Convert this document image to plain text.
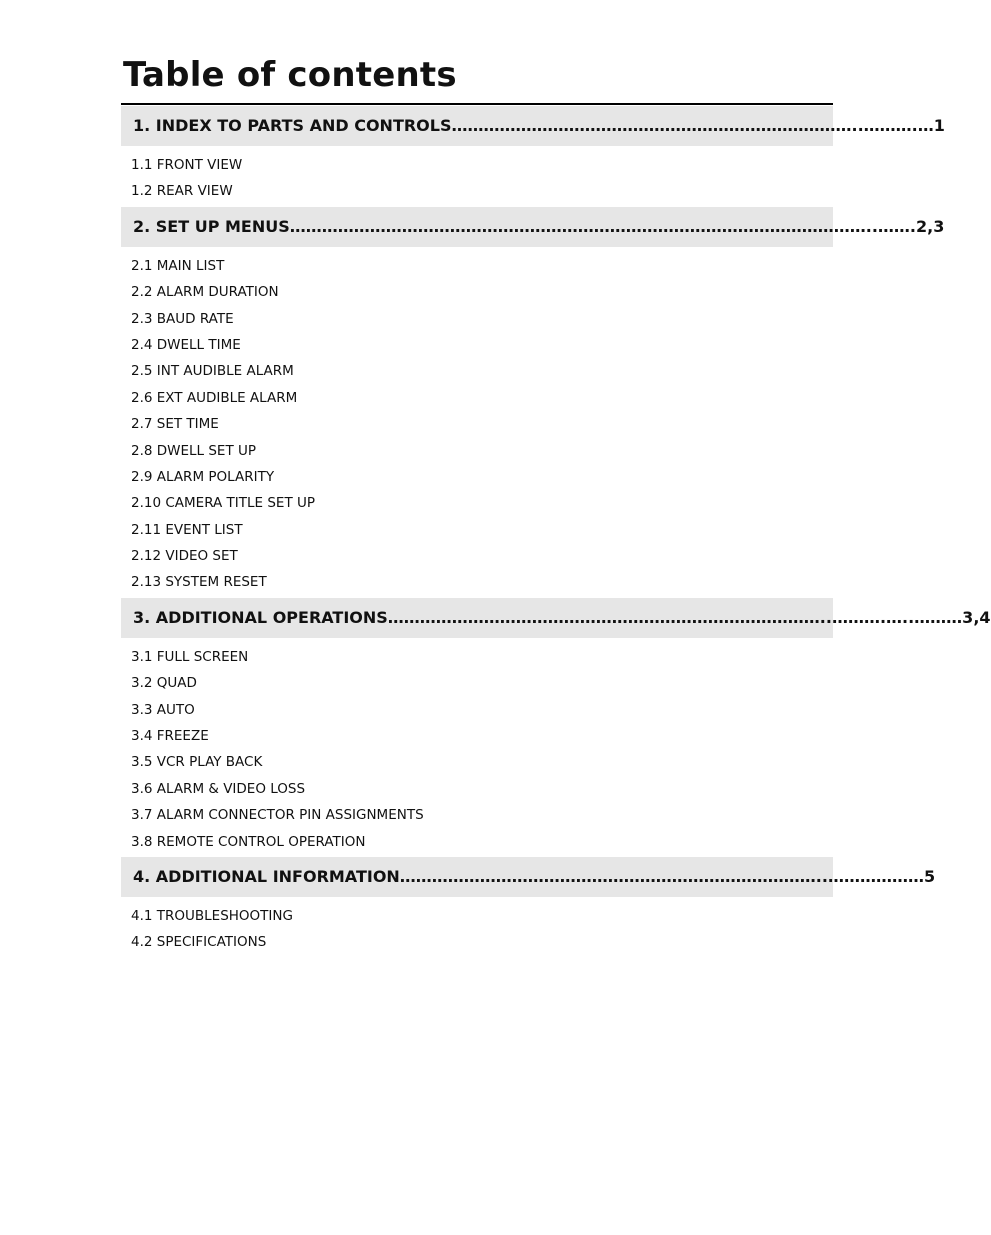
Table of contents
1. INDEX TO PARTS AND CONTROLS…………………………………………………………………..……….…1
1.1 FRONT VIEW
1.2 REAR VIEW
2. SET UP MENUS………………………………………………………………………………………………..…….2,3
2.1 MAIN LIST
2.2 ALARM DURATION
2.3 BAUD RATE
2.4 DWELL TIME
2.5 INT AUDIBLE ALARM
2.6 EXT AUDIBLE ALARM
2.7 SET TIME
2.8 DWELL SET UP
2.9 ALARM POLARITY
2.10 CAMERA TITLE SET UP
2.11 EVENT LIST
2.12 VIDEO SET
2.13 SYSTEM RESET
3. ADDITIONAL OPERATIONS………………………………………………………………………..……….…..………3,4
3.1 FULL SCREEN
3.2 QUAD
3.3 AUTO
3.4 FREEZE
3.5 VCR PLAY BACK
3.6 ALARM & VIDEO LOSS
3.7 ALARM CONNECTOR PIN ASSIGNMENTS
3.8 REMOTE CONTROL OPERATION
4. ADDITIONAL INFORMATION……………………………………………………………………..………………5
4.1 TROUBLESHOOTING
4.2 SPECIFICATIONS
